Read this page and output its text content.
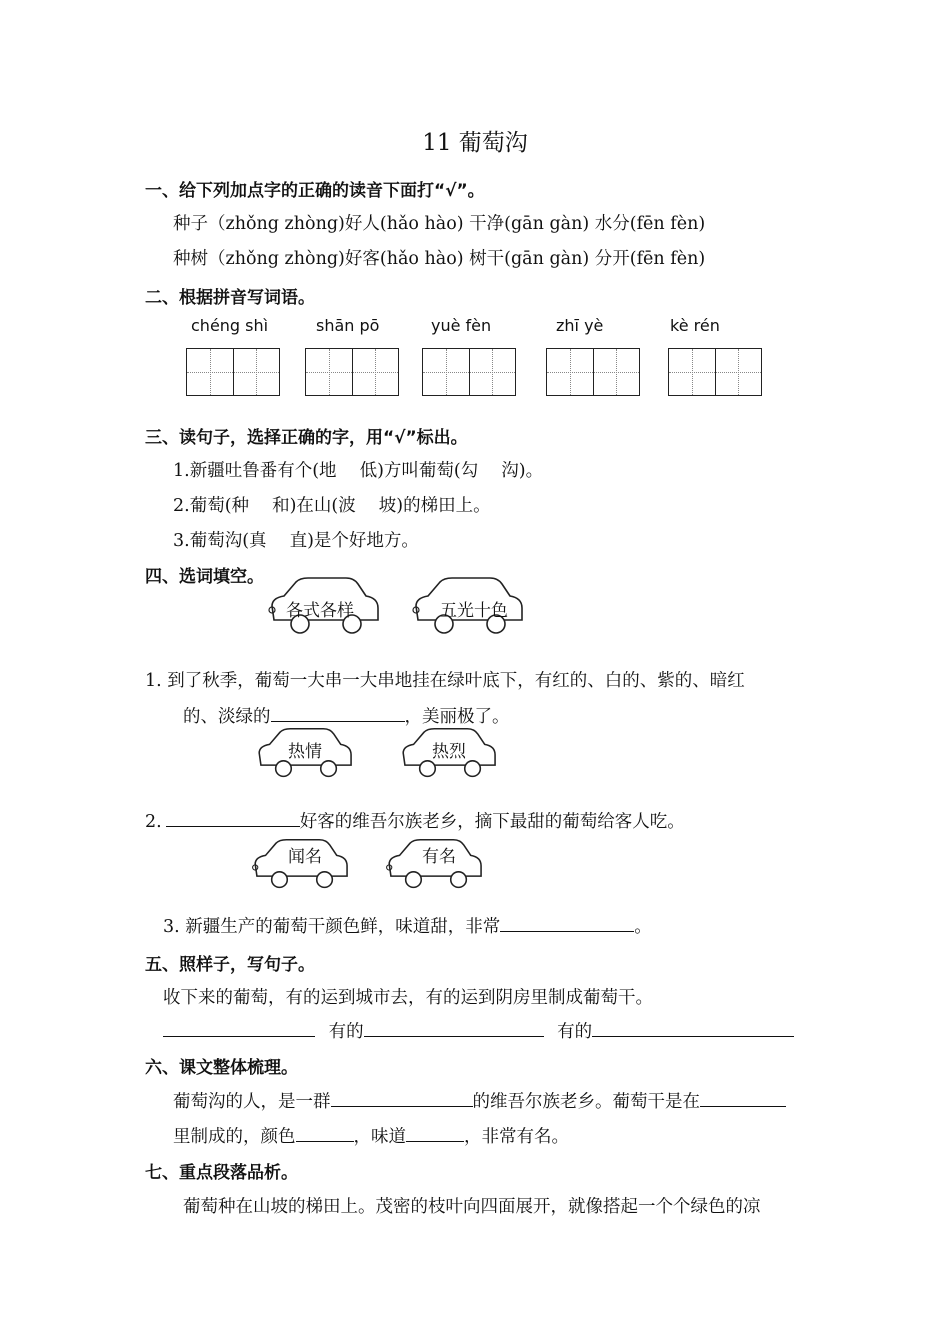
11 葡萄沟
一、给下列加点字的正确的读音下面打“√”。
种子（zhǒng zhòng)好人(hǎo hào) 干净(gān gàn) 水分(fēn fèn)
种树（zhǒng zhòng)好客(hǎo hào) 树干(gān gàn) 分开(fēn fèn)
二、根据拼音写词语。
chéng shì	shān pō	yuè fèn	zhī yè	kè rén
三、读句子，选择正确的字，用“√”标出。
1.新疆吐鲁番有个(地　 低)方叫葡萄(勾　 沟)。
2.葡萄(种　 和)在山(波　 坡)的梯田上。
3.葡萄沟(真　 直)是个好地方。
四、选词填空。
各式各样	五光十色
1. 到了秋季，葡萄一大串一大串地挂在绿叶底下，有红的、白的、紫的、暗红
的、淡绿的	，美丽极了。
热情	热烈
2.	好客的维吾尔族老乡，摘下最甜的葡萄给客人吃。
闻名	有名
3. 新疆生产的葡萄干颜色鲜，味道甜，非常	。
五、照样子，写句子。
收下来的葡萄，有的运到城市去，有的运到阴房里制成葡萄干。
有的	有的
六、课文整体梳理。
葡萄沟的人，是一群	的维吾尔族老乡。葡萄干是在
里制成的，颜色	，味道	，非常有名。
七、重点段落品析。
葡萄种在山坡的梯田上。茂密的枝叶向四面展开，就像搭起一个个绿色的凉
